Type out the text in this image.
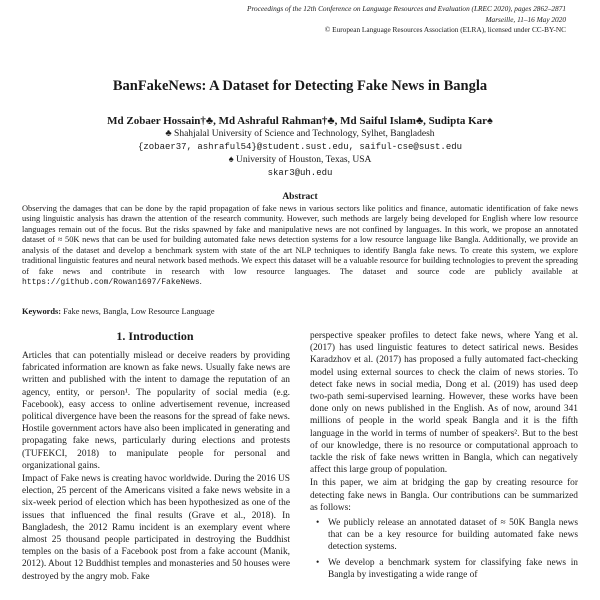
Proceedings of the 12th Conference on Language Resources and Evaluation (LREC 2020), pages 2862–2871
Marseille, 11–16 May 2020
© European Language Resources Association (ELRA), licensed under CC-BY-NC
BanFakeNews: A Dataset for Detecting Fake News in Bangla
Md Zobaer Hossain†♣, Md Ashraful Rahman†♣, Md Saiful Islam♣, Sudipta Kar♠
♣ Shahjalal University of Science and Technology, Sylhet, Bangladesh
{zobaer37, ashraful54}@student.sust.edu, saiful-cse@sust.edu
♠ University of Houston, Texas, USA
skar3@uh.edu
Abstract
Observing the damages that can be done by the rapid propagation of fake news in various sectors like politics and finance, automatic identification of fake news using linguistic analysis has drawn the attention of the research community. However, such methods are largely being developed for English where low resource languages remain out of the focus. But the risks spawned by fake and manipulative news are not confined by languages. In this work, we propose an annotated dataset of ≈ 50K news that can be used for building automated fake news detection systems for a low resource language like Bangla. Additionally, we provide an analysis of the dataset and develop a benchmark system with state of the art NLP techniques to identify Bangla fake news. To create this system, we explore traditional linguistic features and neural network based methods. We expect this dataset will be a valuable resource for building technologies to prevent the spreading of fake news and contribute in research with low resource languages. The dataset and source code are publicly available at https://github.com/Rowan1697/FakeNews.
Keywords: Fake news, Bangla, Low Resource Language
1. Introduction

Articles that can potentially mislead or deceive readers by providing fabricated information are known as fake news. Usually fake news are written and published with the intent to damage the reputation of an agency, entity, or person¹. The popularity of social media (e.g. Facebook), easy access to online advertisement revenue, increased political divergence have been the reasons for the spread of fake news. Hostile government actors have also been implicated in generating and propagating fake news, particularly during elections and protests (TUFEKCI, 2018) to manipulate people for personal and organizational gains.

Impact of Fake news is creating havoc worldwide. During the 2016 US election, 25 percent of the Americans visited a fake news website in a six-week period of election which has been hypothesized as one of the issues that influenced the final results (Grave et al., 2018). In Bangladesh, the 2012 Ramu incident is an exemplary event where almost 25 thousand people participated in destroying the Buddhist temples on the basis of a Facebook post from a fake account (Manik, 2012). About 12 Buddhist temples and monasteries and 50 houses were destroyed by the angry mob. Fake

perspective speaker profiles to detect fake news, where Yang et al. (2017) has used linguistic features to detect satirical news. Besides Karadzhov et al. (2017) has proposed a fully automated fact-checking model using external sources to check the claim of news stories. To detect fake news in social media, Dong et al. (2019) has used deep two-path semi-supervised learning. However, these works have been done only on news published in the English. As of now, around 341 millions of people in the world speak Bangla and it is the fifth language in the world in terms of number of speakers². But to the best of our knowledge, there is no resource or computational approach to tackle the risk of fake news written in Bangla, which can negatively affect this large group of population.

In this paper, we aim at bridging the gap by creating resource for detecting fake news in Bangla. Our contributions can be summarized as follows:

• We publicly release an annotated dataset of ≈ 50K Bangla news that can be a key resource for building automated fake news detection systems.
• We develop a benchmark system for classifying fake news in Bangla by investigating a wide range of
